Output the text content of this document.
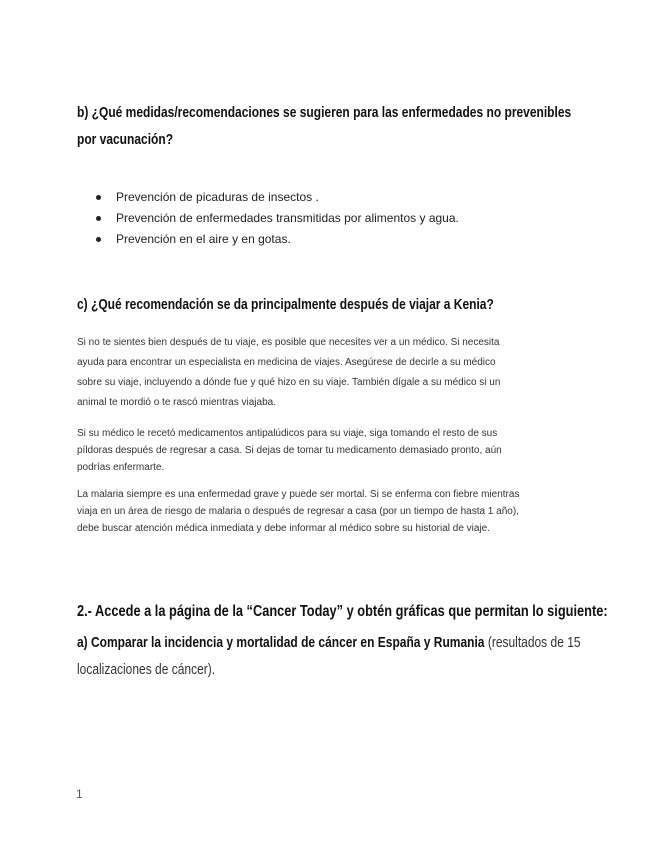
b) ¿Qué medidas/recomendaciones se sugieren para las enfermedades no prevenibles
por vacunación?
Prevención de picaduras de insectos .
Prevención de enfermedades transmitidas por alimentos y agua.
Prevención en el aire y en gotas.
c) ¿Qué recomendación se da principalmente después de viajar a Kenia?
Si no te sientes bien después de tu viaje, es posible que necesites ver a un médico. Si necesita
ayuda para encontrar un especialista en medicina de viajes. Asegúrese de decirle a su médico
sobre su viaje, incluyendo a dónde fue y qué hizo en su viaje. También dígale a su médico si un
animal te mordió o te rascó mientras viajaba.
Si su médico le recetó medicamentos antipalúdicos para su viaje, siga tomando el resto de sus
píldoras después de regresar a casa. Si dejas de tomar tu medicamento demasiado pronto, aún
podrías enfermarte.
La malaria siempre es una enfermedad grave y puede ser mortal. Si se enferma con fiebre mientras
viaja en un área de riesgo de malaria o después de regresar a casa (por un tiempo de hasta 1 año),
debe buscar atención médica inmediata y debe informar al médico sobre su historial de viaje.
2.- Accede a la página de la “Cancer Today” y obtén gráficas que permitan lo siguiente:
a) Comparar la incidencia y mortalidad de cáncer en España y Rumania (resultados de 15
localizaciones de cáncer).
1
